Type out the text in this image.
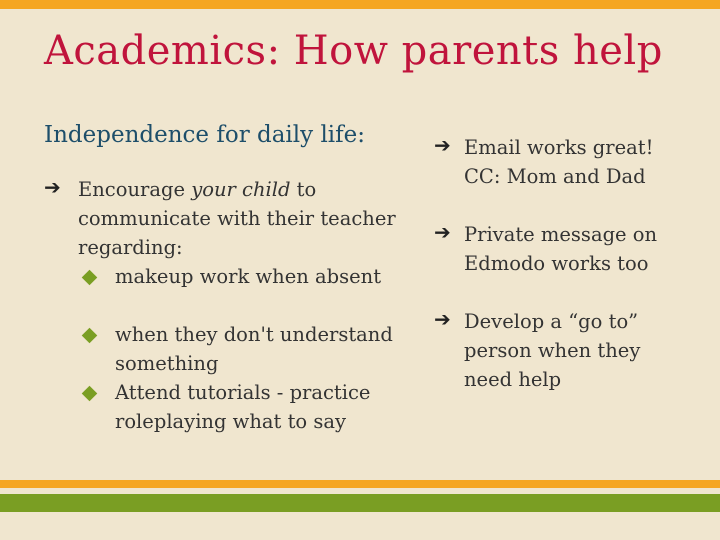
Academics: How parents help
Independence for daily life:
➔ Encourage your child to communicate with their teacher regarding:
makeup work when absent
when they don't understand something
Attend tutorials - practice roleplaying what to say
➔ Email works great! CC: Mom and Dad
➔ Private message on Edmodo works too
➔ Develop a “go to” person when they need help
